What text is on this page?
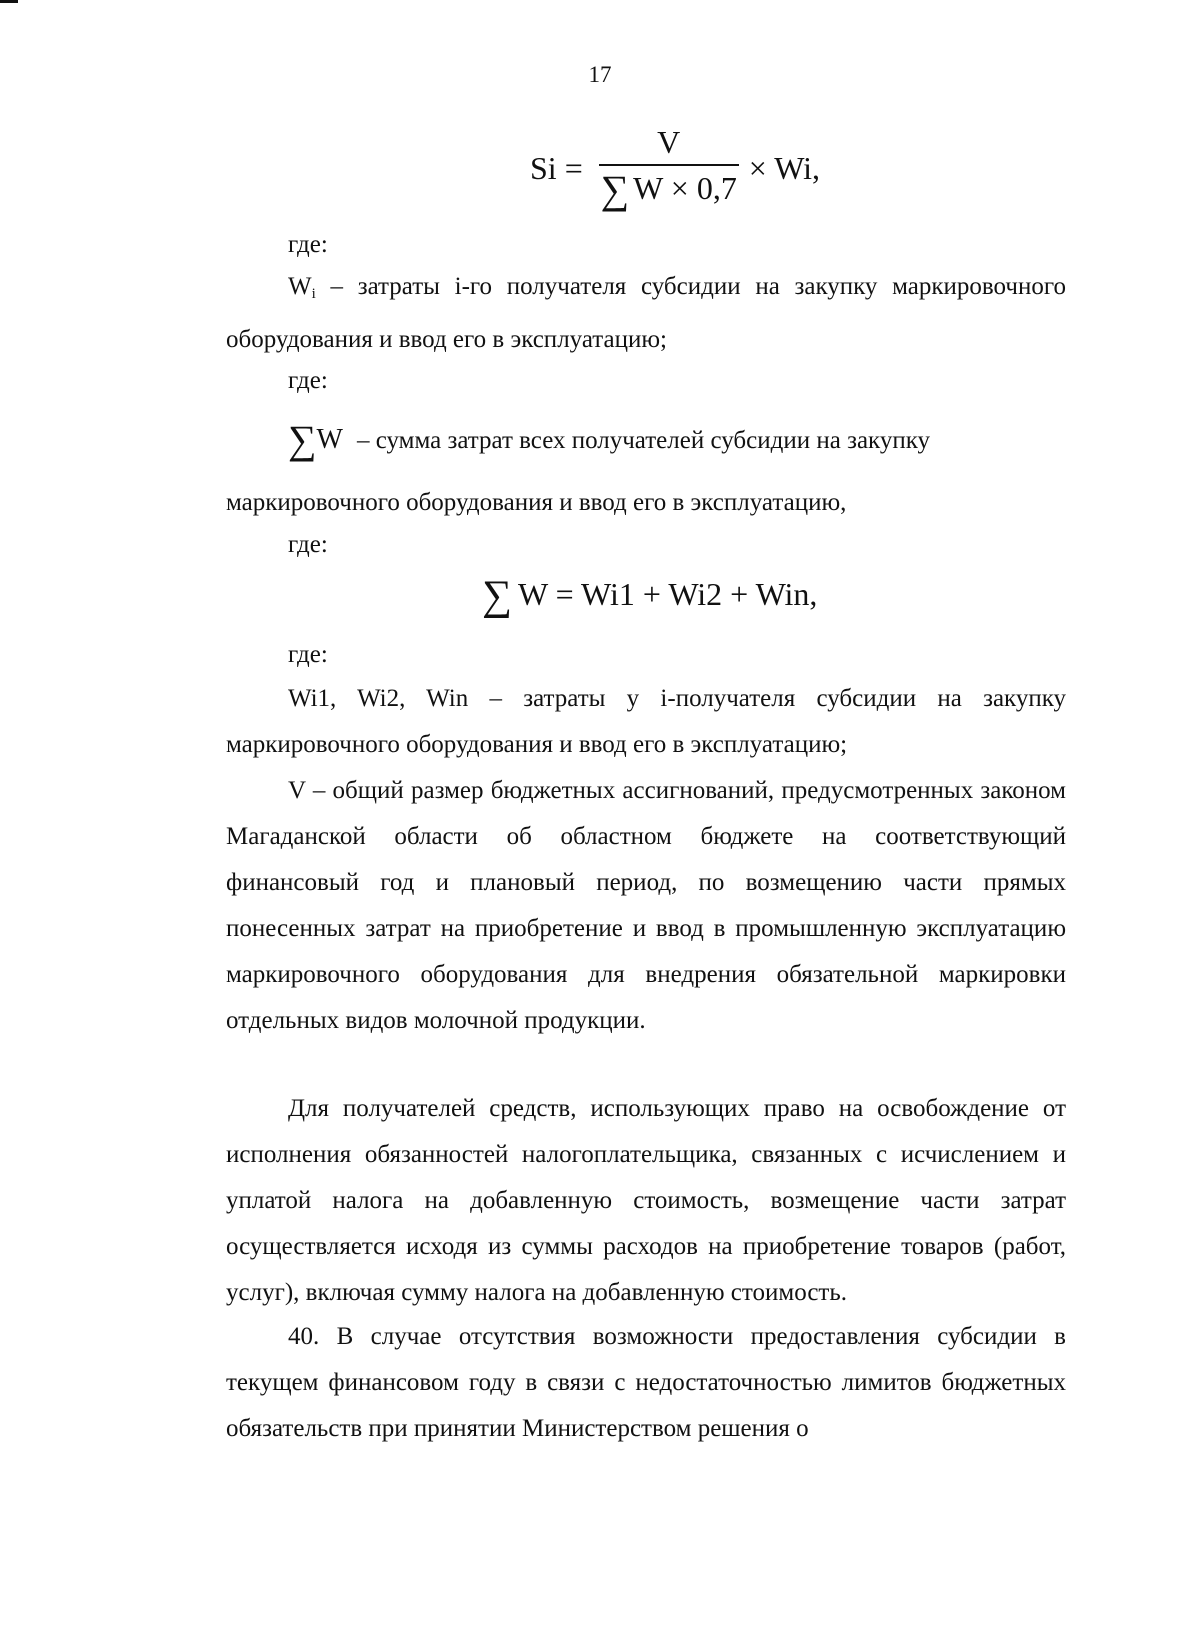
17
$Si = \frac{V}{\sum W \times 0,7} \times Wi$,
где:
$W_i$ – затраты i-го получателя субсидии на закупку маркировочного оборудования и ввод его в эксплуатацию;
где:
∑W – сумма затрат всех получателей субсидии на закупку
маркировочного оборудования и ввод его в эксплуатацию,
где:
∑ W = Wi1 + Wi2 + Win,
где:
Wi1, Wi2, Win – затраты у i-получателя субсидии на закупку маркировочного оборудования и ввод его в эксплуатацию;
V – общий размер бюджетных ассигнований, предусмотренных законом Магаданской области об областном бюджете на соответствующий финансовый год и плановый период, по возмещению части прямых понесенных затрат на приобретение и ввод в промышленную эксплуатацию маркировочного оборудования для внедрения обязательной маркировки отдельных видов молочной продукции.
Для получателей средств, использующих право на освобождение от исполнения обязанностей налогоплательщика, связанных с исчислением и уплатой налога на добавленную стоимость, возмещение части затрат осуществляется исходя из суммы расходов на приобретение товаров (работ, услуг), включая сумму налога на добавленную стоимость.
40. В случае отсутствия возможности предоставления субсидии в текущем финансовом году в связи с недостаточностью лимитов бюджетных обязательств при принятии Министерством решения о
